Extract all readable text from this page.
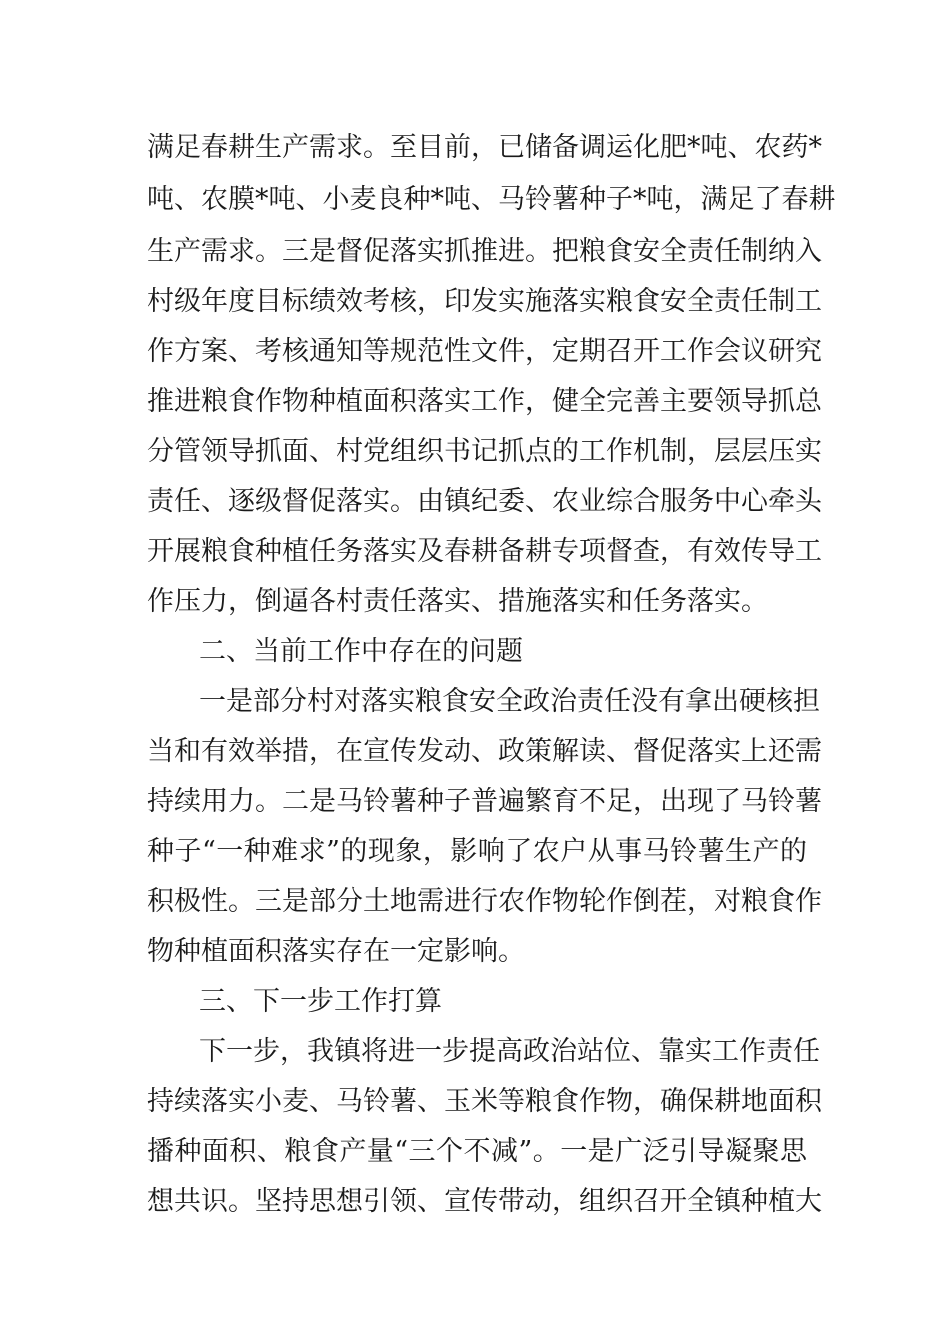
满足春耕生产需求。至目前，已储备调运化肥*吨、农药*
吨、农膜*吨、小麦良种*吨、马铃薯种子*吨，满足了春耕
生产需求。三是督促落实抓推进。把粮食安全责任制纳入
村级年度目标绩效考核，印发实施落实粮食安全责任制工
作方案、考核通知等规范性文件，定期召开工作会议研究
推进粮食作物种植面积落实工作，健全完善主要领导抓总
分管领导抓面、村党组织书记抓点的工作机制，层层压实
责任、逐级督促落实。由镇纪委、农业综合服务中心牵头
开展粮食种植任务落实及春耕备耕专项督查，有效传导工
作压力，倒逼各村责任落实、措施落实和任务落实。
二、当前工作中存在的问题
一是部分村对落实粮食安全政治责任没有拿出硬核担
当和有效举措，在宣传发动、政策解读、督促落实上还需
持续用力。二是马铃薯种子普遍繁育不足，出现了马铃薯
种子“一种难求”的现象，影响了农户从事马铃薯生产的
积极性。三是部分土地需进行农作物轮作倒茬，对粮食作
物种植面积落实存在一定影响。
三、下一步工作打算
下一步，我镇将进一步提高政治站位、靠实工作责任
持续落实小麦、马铃薯、玉米等粮食作物，确保耕地面积
播种面积、粮食产量“三个不减”。一是广泛引导凝聚思
想共识。坚持思想引领、宣传带动，组织召开全镇种植大
